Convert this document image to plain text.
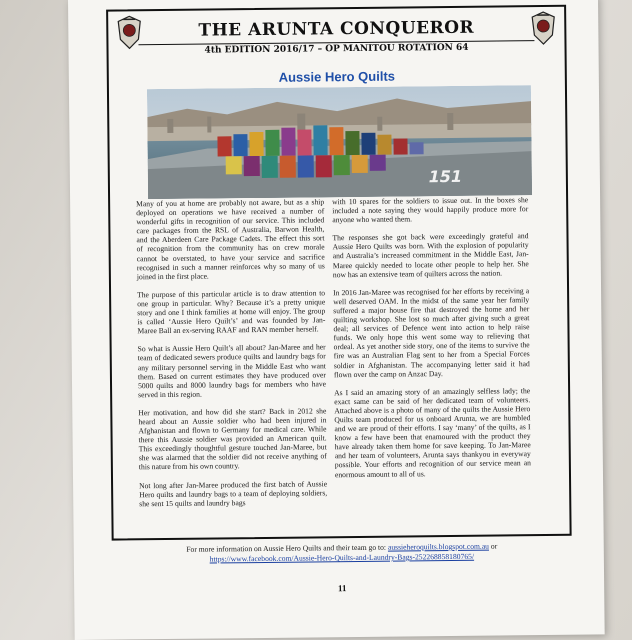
THE ARUNTA CONQUEROR
4th EDITION 2016/17 – OP MANITOU ROTATION 64
Aussie Hero Quilts
151

Many of you at home are probably not aware, but as a ship deployed on operations we have received a number of wonderful gifts in recognition of our service. This included care packages from the RSL of Australia, Barwon Health, and the Aberdeen Care Package Cadets. The effect this sort of recognition from the community has on crew morale cannot be overstated, to have your service and sacrifice recognised in such a manner reinforces why so many of us joined in the first place.

The purpose of this particular article is to draw attention to one group in particular. Why? Because it’s a pretty unique story and one I think families at home will enjoy. The group is called ‘Aussie Hero Quilt’s’ and was founded by Jan-Maree Ball an ex-serving RAAF and RAN member herself.

So what is Aussie Hero Quilt’s all about? Jan-Maree and her team of dedicated sewers produce quilts and laundry bags for any military personnel serving in the Middle East who want them. Based on current estimates they have produced over 5000 quilts and 8000 laundry bags for members who have served in this region.

Her motivation, and how did she start? Back in 2012 she heard about an Aussie soldier who had been injured in Afghanistan and flown to Germany for medical care. While there this Aussie soldier was provided an American quilt. This exceedingly thoughtful gesture touched Jan-Maree, but she was alarmed that the soldier did not receive anything of this nature from his own country.

Not long after Jan-Maree produced the first batch of Aussie Hero quilts and laundry bags to a team of deploying soldiers, she sent 15 quilts and laundry bags

with 10 spares for the soldiers to issue out. In the boxes she included a note saying they would happily produce more for anyone who wanted them.

The responses she got back were exceedingly grateful and Aussie Hero Quilts was born. With the explosion of popularity and Australia’s increased commitment in the Middle East, Jan-Maree quickly needed to locate other people to help her. She now has an extensive team of quilters across the nation.

In 2016 Jan-Maree was recognised for her efforts by receiving a well deserved OAM. In the midst of the same year her family suffered a major house fire that destroyed the home and her quilting workshop. She lost so much after giving such a great deal; all services of Defence went into action to help raise funds. We only hope this went some way to relieving that ordeal. As yet another side story, one of the items to survive the fire was an Australian Flag sent to her from a Special Forces soldier in Afghanistan. The accompanying letter said it had flown over the camp on Anzac Day.

As I said an amazing story of an amazingly selfless lady; the exact same can be said of her dedicated team of volunteers. Attached above is a photo of many of the quilts the Aussie Hero Quilts team produced for us onboard Arunta, we are humbled and we are proud of their efforts. I say ‘many’ of the quilts, as I know a few have been that enamoured with the product they have already taken them home for save keeping. To Jan-Maree and her team of volunteers, Arunta says thankyou in everyway possible. Your efforts and recognition of our service mean an enormous amount to all of us.

For more information on Aussie Hero Quilts and their team go to: aussieheroquilts.blogspot.com.au or
https://www.facebook.com/Aussie-Hero-Quilts-and-Laundry-Bags-252268858180765/
11
